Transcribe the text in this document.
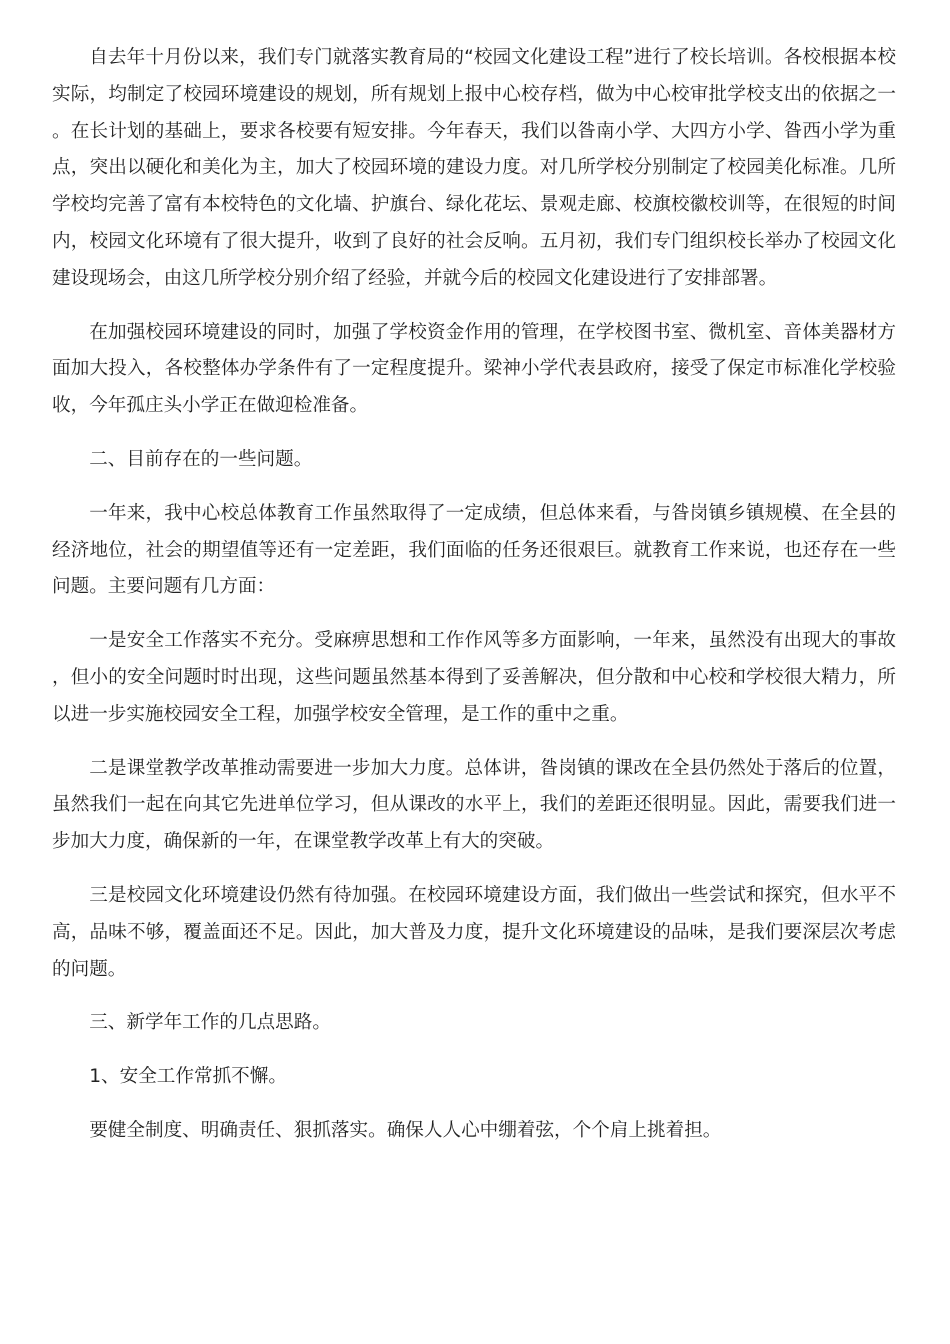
自去年十月份以来，我们专门就落实教育局的“校园文化建设工程”进行了校长培训。各校根据本校实际，均制定了校园环境建设的规划，所有规划上报中心校存档，做为中心校审批学校支出的依据之一。在长计划的基础上，要求各校要有短安排。今年春天，我们以昝南小学、大四方小学、昝西小学为重点，突出以硬化和美化为主，加大了校园环境的建设力度。对几所学校分别制定了校园美化标准。几所学校均完善了富有本校特色的文化墙、护旗台、绿化花坛、景观走廊、校旗校徽校训等，在很短的时间内，校园文化环境有了很大提升，收到了良好的社会反响。五月初，我们专门组织校长举办了校园文化建设现场会，由这几所学校分别介绍了经验，并就今后的校园文化建设进行了安排部署。

在加强校园环境建设的同时，加强了学校资金作用的管理，在学校图书室、微机室、音体美器材方面加大投入，各校整体办学条件有了一定程度提升。梁神小学代表县政府，接受了保定市标准化学校验收，今年孤庄头小学正在做迎检准备。

二、目前存在的一些问题。

一年来，我中心校总体教育工作虽然取得了一定成绩，但总体来看，与昝岗镇乡镇规模、在全县的经济地位，社会的期望值等还有一定差距，我们面临的任务还很艰巨。就教育工作来说，也还存在一些问题。主要问题有几方面：

一是安全工作落实不充分。受麻痹思想和工作作风等多方面影响，一年来，虽然没有出现大的事故，但小的安全问题时时出现，这些问题虽然基本得到了妥善解决，但分散和中心校和学校很大精力，所以进一步实施校园安全工程，加强学校安全管理，是工作的重中之重。

二是课堂教学改革推动需要进一步加大力度。总体讲，昝岗镇的课改在全县仍然处于落后的位置，虽然我们一起在向其它先进单位学习，但从课改的水平上，我们的差距还很明显。因此，需要我们进一步加大力度，确保新的一年，在课堂教学改革上有大的突破。

三是校园文化环境建设仍然有待加强。在校园环境建设方面，我们做出一些尝试和探究，但水平不高，品味不够，覆盖面还不足。因此，加大普及力度，提升文化环境建设的品味，是我们要深层次考虑的问题。

三、新学年工作的几点思路。

1、安全工作常抓不懈。

要健全制度、明确责任、狠抓落实。确保人人心中绷着弦，个个肩上挑着担。
